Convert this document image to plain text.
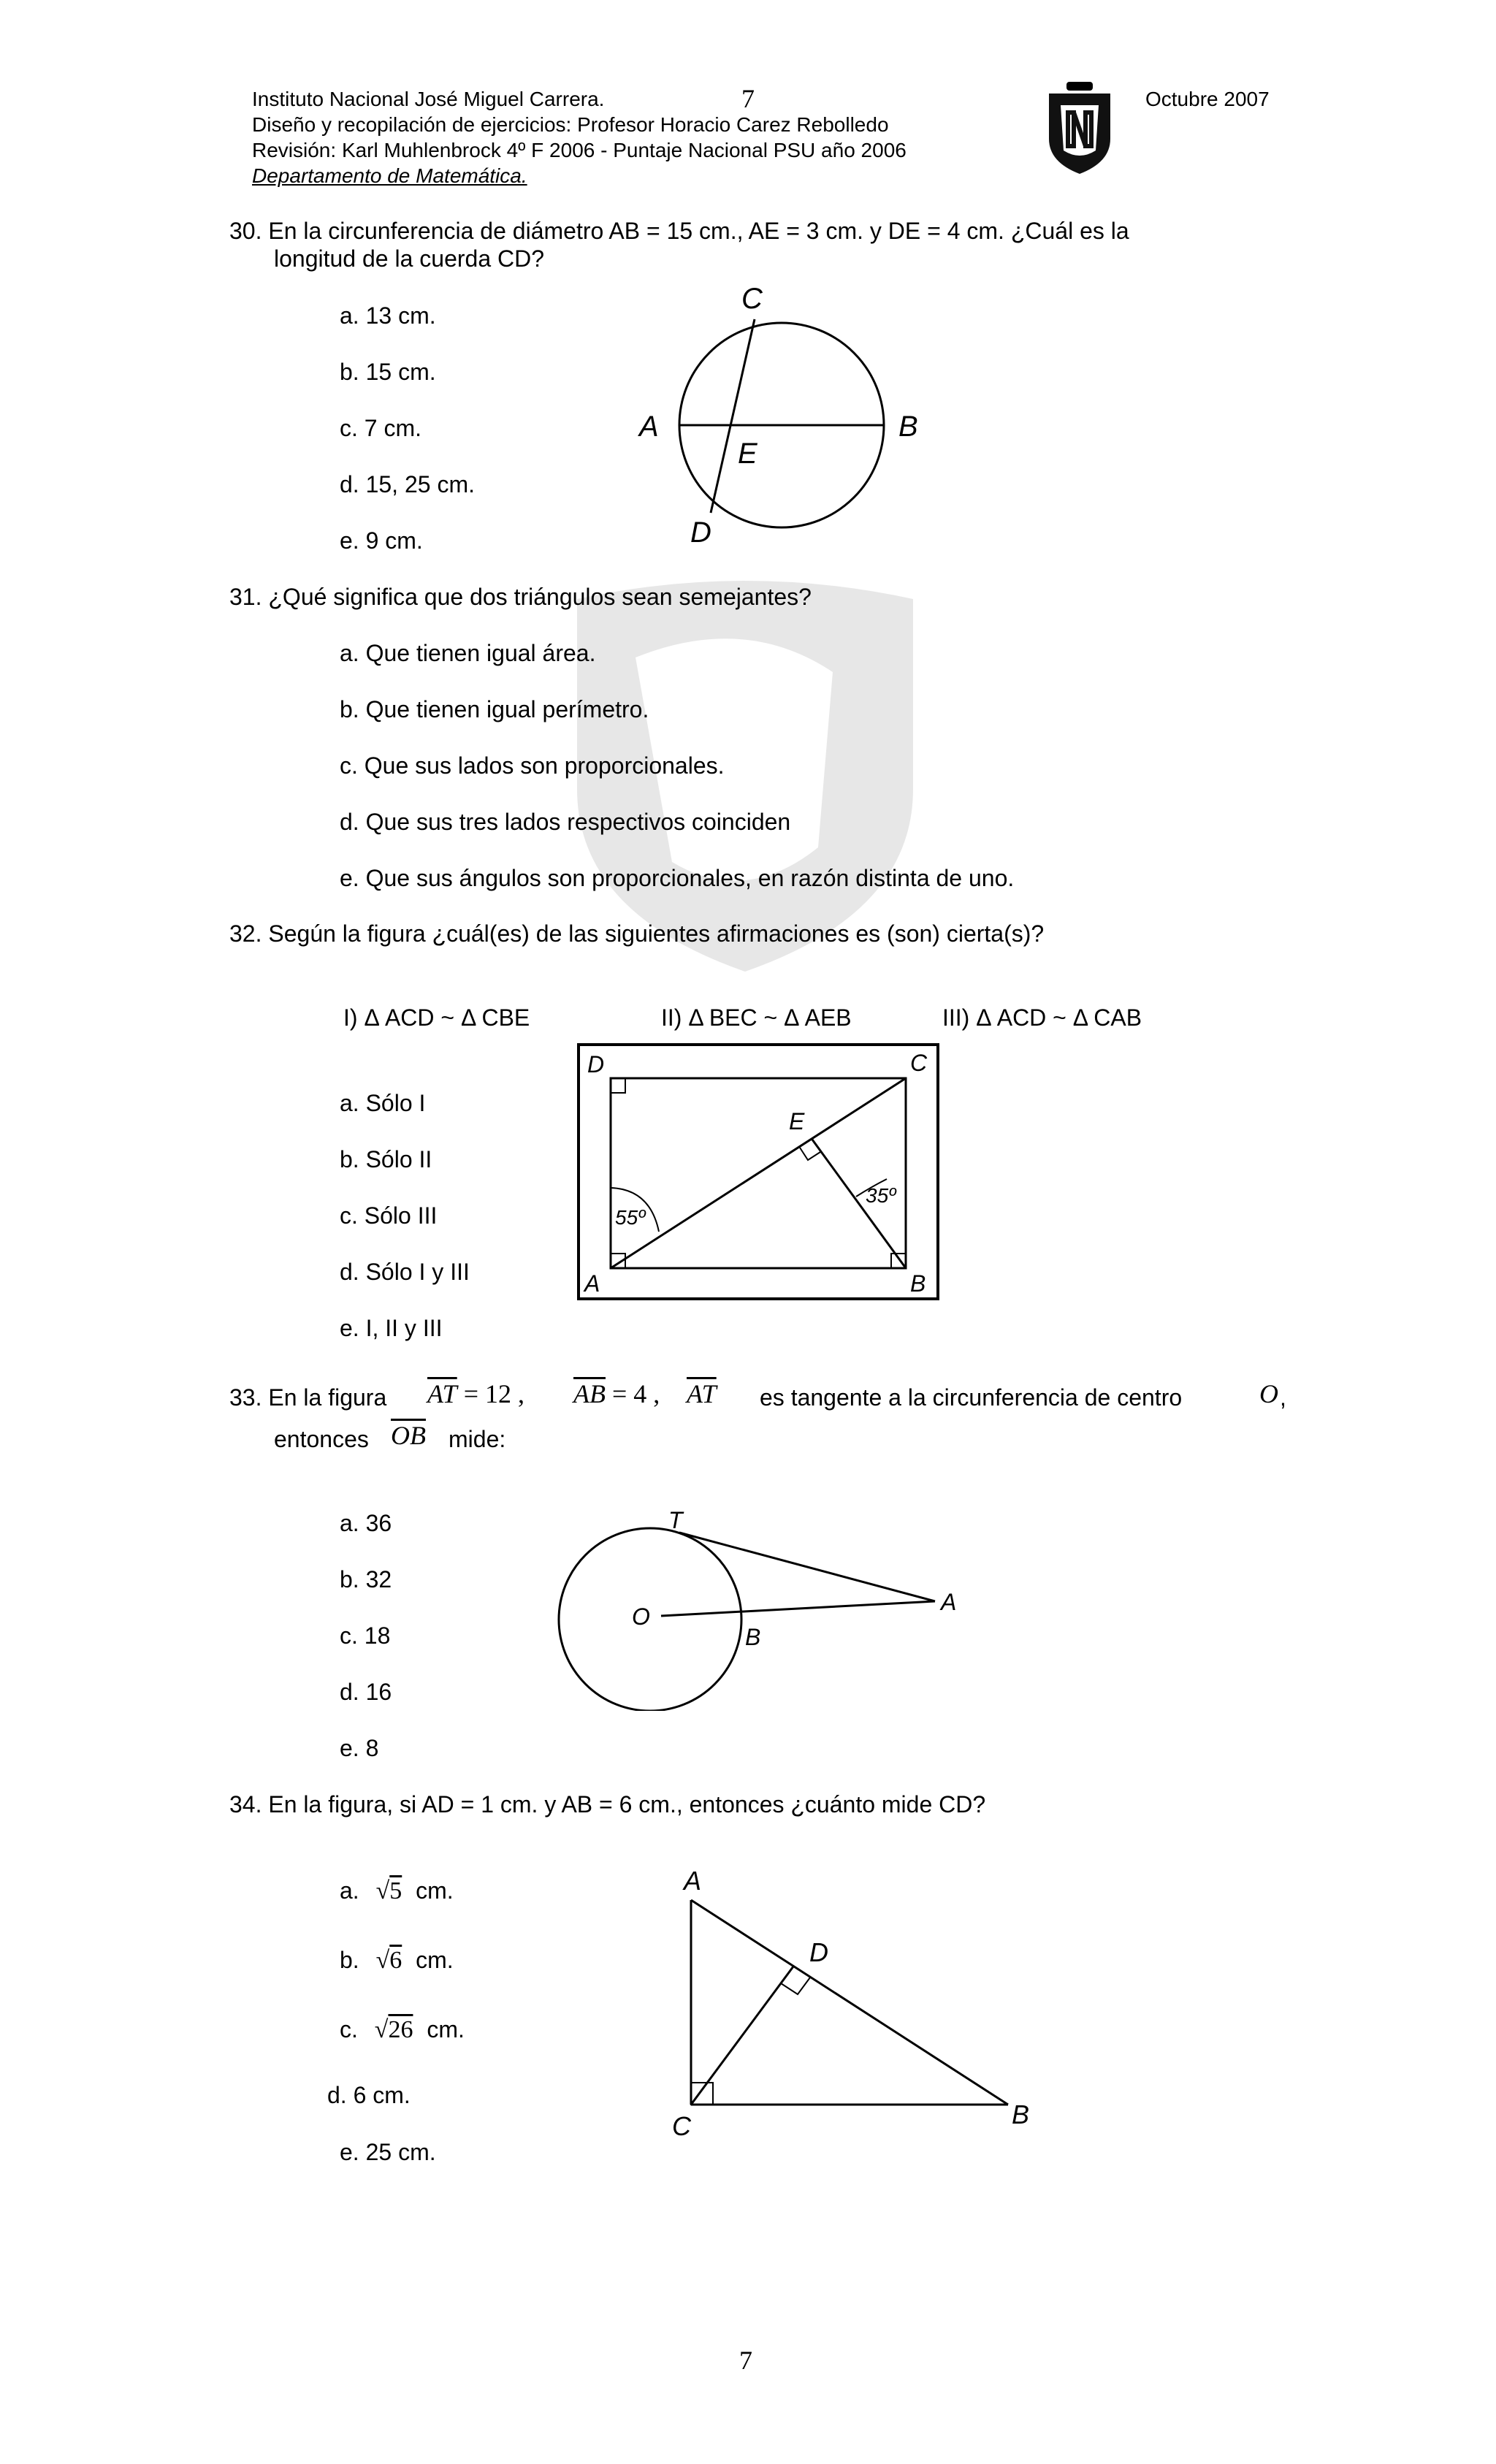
Instituto Nacional José Miguel Carrera.
Diseño y recopilación de ejercicios: Profesor Horacio Carez Rebolledo
Revisión: Karl Muhlenbrock 4º F 2006 - Puntaje Nacional PSU año 2006
Departamento de Matemática.
7	Octubre 2007
30. En la circunferencia de diámetro AB = 15 cm., AE = 3 cm. y DE = 4 cm. ¿Cuál es la
longitud de la cuerda CD?
a. 13 cm.
b. 15 cm.
c. 7 cm.
d. 15, 25 cm.
e. 9 cm.
C
A	B
E
D
31. ¿Qué significa que dos triángulos sean semejantes?
a. Que tienen igual área.
b. Que tienen igual perímetro.
c. Que sus lados son proporcionales.
d. Que sus tres lados respectivos coinciden
e. Que sus ángulos son proporcionales, en razón distinta de uno.
32. Según la figura ¿cuál(es) de las siguientes afirmaciones es (son) cierta(s)?
I) Δ ACD ~ Δ CBE	II) Δ BEC ~ Δ AEB	III) Δ ACD ~ Δ CAB
a. Sólo I
b. Sólo II
c. Sólo III
d. Sólo I y III
e. I, II y III
D	C
E
A	B
55º
35º
33. En la figura $\overline{AT} = 12$ , $\overline{AB} = 4$ , $\overline{AT}$ es tangente a la circunferencia de centro	O ,
entonces $\overline{OB}$ mide:
a. 36
b. 32
c. 18
d. 16
e. 8
T
O
B
A
34. En la figura, si AD = 1 cm. y AB = 6 cm., entonces ¿cuánto mide CD?
a. √5 cm.
b. √6 cm.
c. √26 cm.
d. 6 cm.
e. 25 cm.
A
D
C	B
7
